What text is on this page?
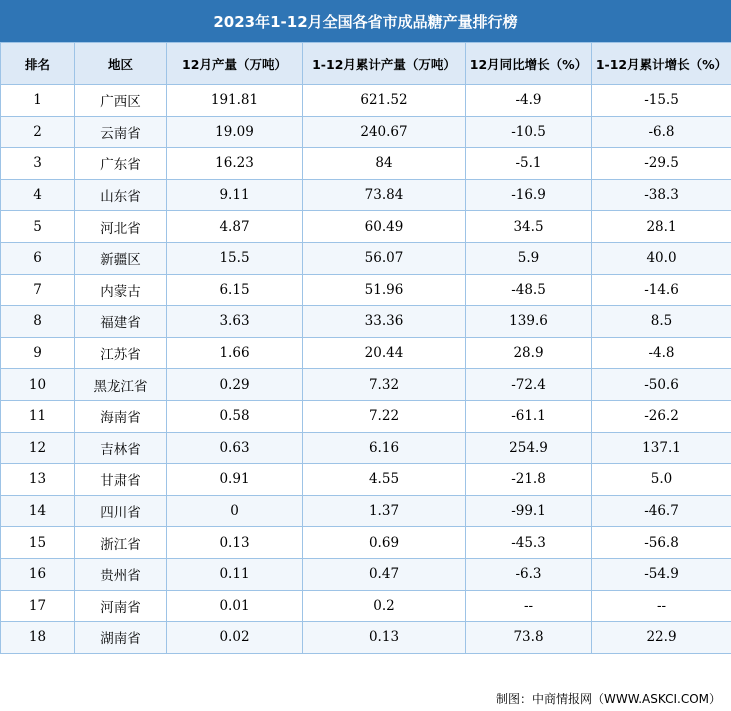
2023年1-12月全国各省市成品糖产量排行榜
排名	地区	12月产量（万吨）	1-12月累计产量（万吨）	12月同比增长（%）	1-12月累计增长（%）
1	广西区	191.81	621.52	-4.9	-15.5
2	云南省	19.09	240.67	-10.5	-6.8
3	广东省	16.23	84	-5.1	-29.5
4	山东省	9.11	73.84	-16.9	-38.3
5	河北省	4.87	60.49	34.5	28.1
6	新疆区	15.5	56.07	5.9	40.0
7	内蒙古	6.15	51.96	-48.5	-14.6
8	福建省	3.63	33.36	139.6	8.5
9	江苏省	1.66	20.44	28.9	-4.8
10	黑龙江省	0.29	7.32	-72.4	-50.6
11	海南省	0.58	7.22	-61.1	-26.2
12	吉林省	0.63	6.16	254.9	137.1
13	甘肃省	0.91	4.55	-21.8	5.0
14	四川省	0	1.37	-99.1	-46.7
15	浙江省	0.13	0.69	-45.3	-56.8
16	贵州省	0.11	0.47	-6.3	-54.9
17	河南省	0.01	0.2	--	--
18	湖南省	0.02	0.13	73.8	22.9
制图：中商情报网（WWW.ASKCI.COM）
